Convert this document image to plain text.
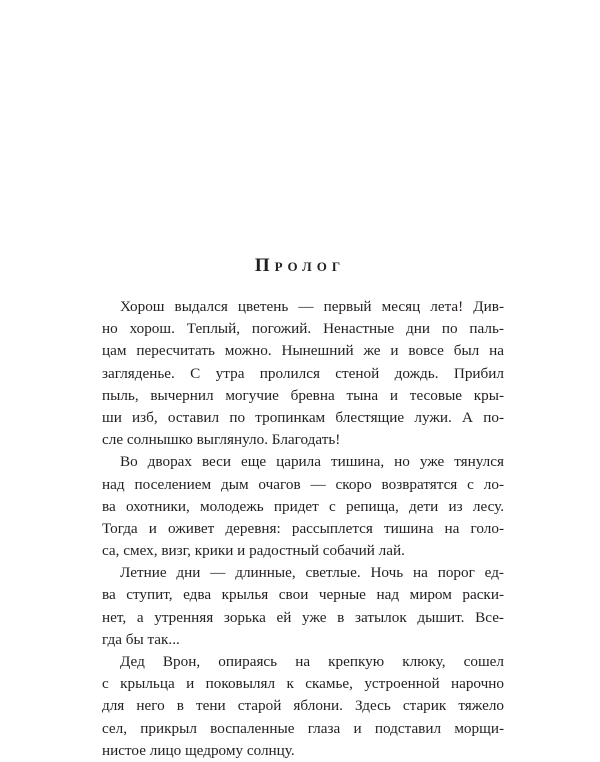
Пролог
Хорош выдался цветень — первый месяц лета! Див-
но хорош. Теплый, погожий. Ненастные дни по паль-
цам пересчитать можно. Нынешний же и вовсе был на
загляденье. С утра пролился стеной дождь. Прибил
пыль, вычернил могучие бревна тына и тесовые кры-
ши изб, оставил по тропинкам блестящие лужи. А по-
сле солнышко выглянуло. Благодать!
Во дворах веси еще царила тишина, но уже тянулся
над поселением дым очагов — скоро возвратятся с ло-
ва охотники, молодежь придет с репища, дети из лесу.
Тогда и оживет деревня: рассыплется тишина на голо-
са, смех, визг, крики и радостный собачий лай.
Летние дни — длинные, светлые. Ночь на порог ед-
ва ступит, едва крылья свои черные над миром раски-
нет, а утренняя зорька ей уже в затылок дышит. Все-
гда бы так...
Дед Врон, опираясь на крепкую клюку, сошел
с крыльца и поковылял к скамье, устроенной нарочно
для него в тени старой яблони. Здесь старик тяжело
сел, прикрыл воспаленные глаза и подставил морщи-
нистое лицо щедрому солнцу.
